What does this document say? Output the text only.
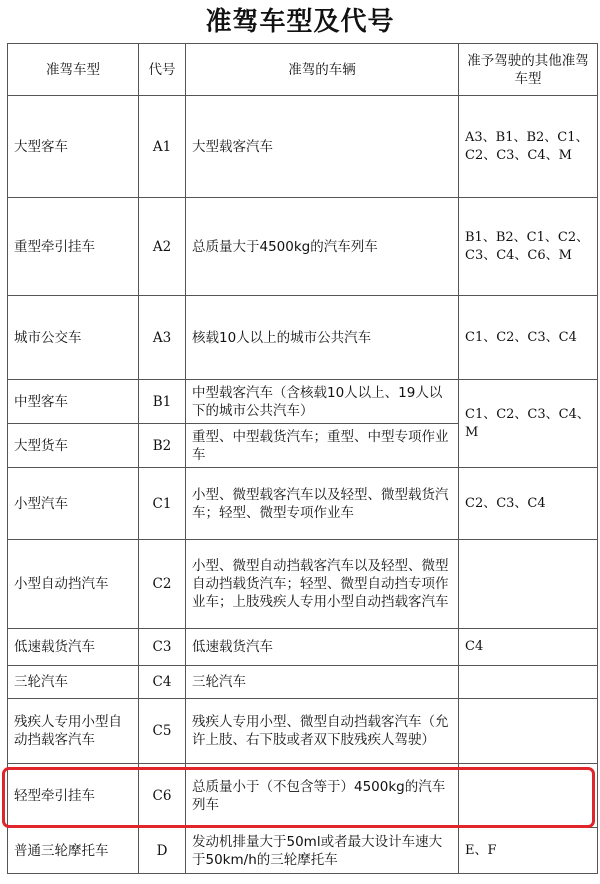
准驾车型及代号
准驾车型	代号	准驾的车辆	准予驾驶的其他准驾车型
大型客车	A1	大型载客汽车	A3、B1、B2、C1、C2、C3、C4、M
重型牵引挂车	A2	总质量大于4500kg的汽车列车	B1、B2、C1、C2、C3、C4、C6、M
城市公交车	A3	核载10人以上的城市公共汽车	C1、C2、C3、C4
中型客车	B1	中型载客汽车（含核载10人以上、19人以下的城市公共汽车）	C1、C2、C3、C4、M
大型货车	B2	重型、中型载货汽车；重型、中型专项作业车	
小型汽车	C1	小型、微型载客汽车以及轻型、微型载货汽车；轻型、微型专项作业车	C2、C3、C4
小型自动挡汽车	C2	小型、微型自动挡载客汽车以及轻型、微型自动挡载货汽车；轻型、微型自动挡专项作业车；上肢残疾人专用小型自动挡载客汽车	
低速载货汽车	C3	低速载货汽车	C4
三轮汽车	C4	三轮汽车	
残疾人专用小型自动挡载客汽车	C5	残疾人专用小型、微型自动挡载客汽车（允许上肢、右下肢或者双下肢残疾人驾驶）	
轻型牵引挂车	C6	总质量小于（不包含等于）4500kg的汽车列车	
普通三轮摩托车	D	发动机排量大于50ml或者最大设计车速大于50km/h的三轮摩托车	E、F
